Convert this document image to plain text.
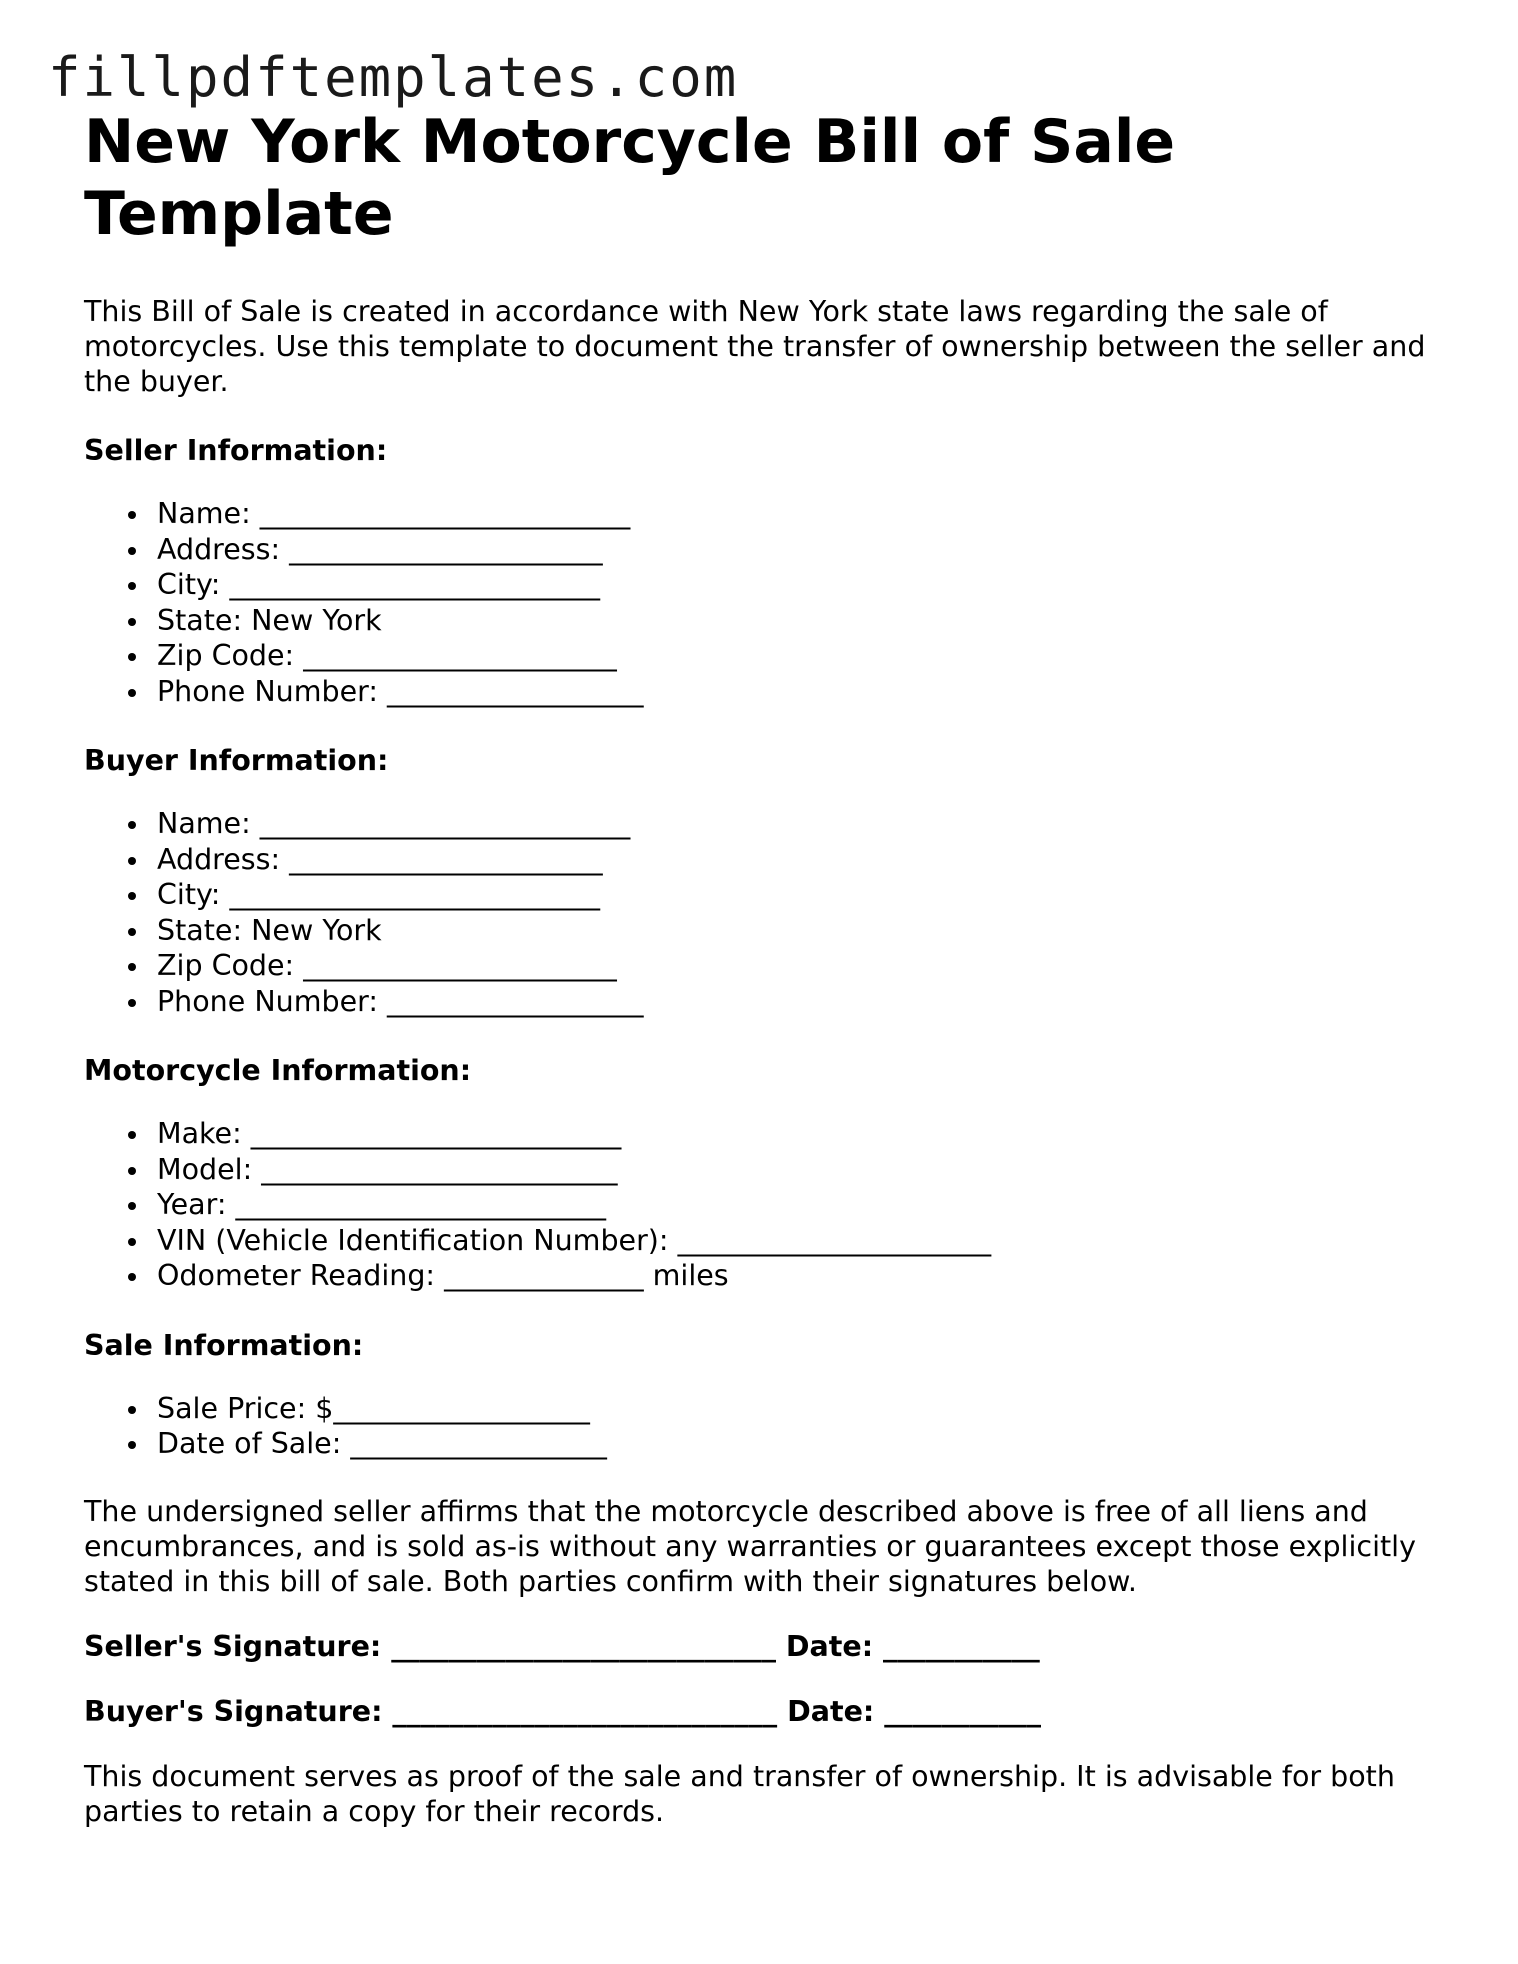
fillpdftemplates.com
New York Motorcycle Bill of Sale Template

This Bill of Sale is created in accordance with New York state laws regarding the sale of motorcycles. Use this template to document the transfer of ownership between the seller and the buyer.

Seller Information:
Name: __________________________
Address: ______________________
City: __________________________
State: New York
Zip Code: ______________________
Phone Number: __________________
Buyer Information:
Name: __________________________
Address: ______________________
City: __________________________
State: New York
Zip Code: ______________________
Phone Number: __________________
Motorcycle Information:
Make: __________________________
Model: _________________________
Year: __________________________
VIN (Vehicle Identification Number): ______________________
Odometer Reading: ______________ miles
Sale Information:
Sale Price: $__________________
Date of Sale: __________________

The undersigned seller affirms that the motorcycle described above is free of all liens and encumbrances, and is sold as-is without any warranties or guarantees except those explicitly stated in this bill of sale. Both parties confirm with their signatures below.

Seller's Signature: ___________________________ Date: ___________
Buyer's Signature: ___________________________ Date: ___________

This document serves as proof of the sale and transfer of ownership. It is advisable for both parties to retain a copy for their records.
